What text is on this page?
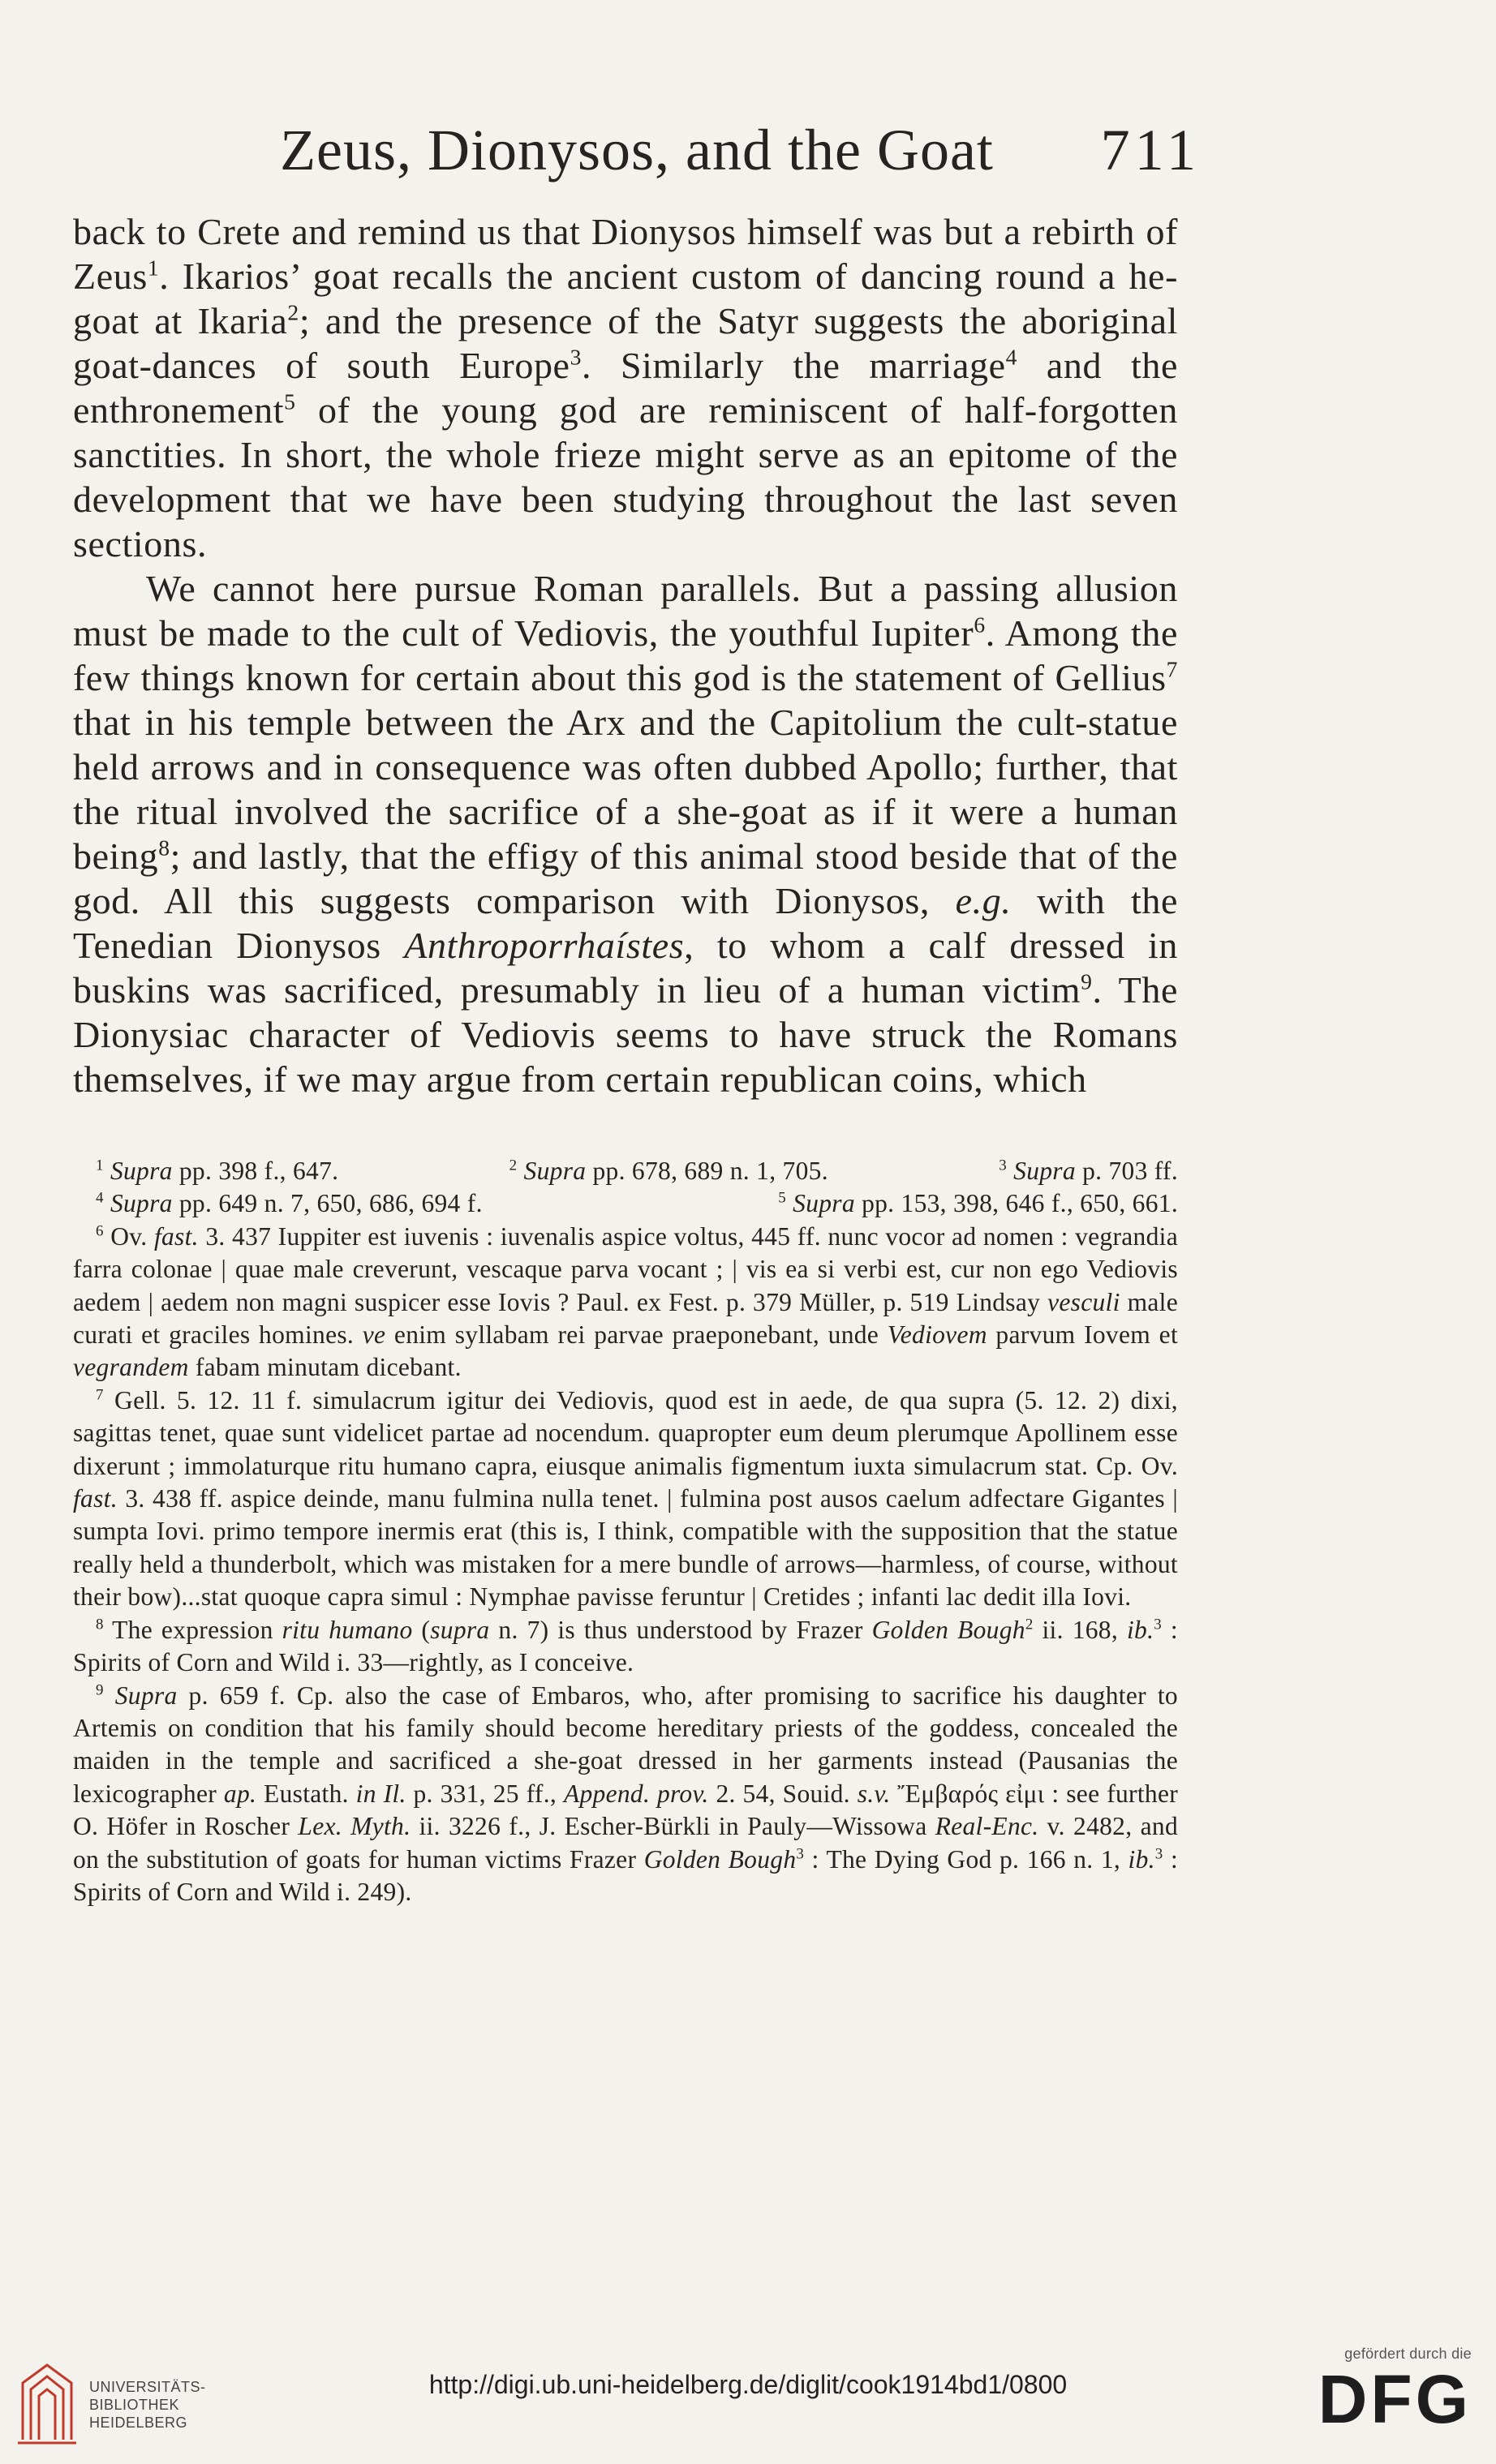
Zeus, Dionysos, and the Goat	711

back to Crete and remind us that Dionysos himself was but a rebirth of Zeus$^1$. Ikarios’ goat recalls the ancient custom of dancing round a he-goat at Ikaria$^2$; and the presence of the Satyr suggests the aboriginal goat-dances of south Europe$^3$. Similarly the marriage$^4$ and the enthronement$^5$ of the young god are reminiscent of half-forgotten sanctities. In short, the whole frieze might serve as an epitome of the development that we have been studying throughout the last seven sections.

We cannot here pursue Roman parallels. But a passing allusion must be made to the cult of Vediovis, the youthful Iupiter$^6$. Among the few things known for certain about this god is the statement of Gellius$^7$ that in his temple between the Arx and the Capitolium the cult-statue held arrows and in consequence was often dubbed Apollo; further, that the ritual involved the sacrifice of a she-goat as if it were a human being$^8$; and lastly, that the effigy of this animal stood beside that of the god. All this suggests comparison with Dionysos, e.g. with the Tenedian Dionysos Anthroporrhaístes, to whom a calf dressed in buskins was sacrificed, presumably in lieu of a human victim$^9$. The Dionysiac character of Vediovis seems to have struck the Romans themselves, if we may argue from certain republican coins, which

$^1$ Supra pp. 398 f., 647.	$^2$ Supra pp. 678, 689 n. 1, 705.	$^3$ Supra p. 703 ff.
$^4$ Supra pp. 649 n. 7, 650, 686, 694 f.	$^5$ Supra pp. 153, 398, 646 f., 650, 661.

$^6$ Ov. fast. 3. 437 Iuppiter est iuvenis : iuvenalis aspice voltus, 445 ff. nunc vocor ad nomen : vegrandia farra colonae | quae male creverunt, vescaque parva vocant ; | vis ea si verbi est, cur non ego Vediovis aedem | aedem non magni suspicer esse Iovis ? Paul. ex Fest. p. 379 Müller, p. 519 Lindsay vesculi male curati et graciles homines. ve enim syllabam rei parvae praeponebant, unde Vediovem parvum Iovem et vegrandem fabam minutam dicebant.

$^7$ Gell. 5. 12. 11 f. simulacrum igitur dei Vediovis, quod est in aede, de qua supra (5. 12. 2) dixi, sagittas tenet, quae sunt videlicet partae ad nocendum. quapropter eum deum plerumque Apollinem esse dixerunt ; immolaturque ritu humano capra, eiusque animalis figmentum iuxta simulacrum stat. Cp. Ov. fast. 3. 438 ff. aspice deinde, manu fulmina nulla tenet. | fulmina post ausos caelum adfectare Gigantes | sumpta Iovi. primo tempore inermis erat (this is, I think, compatible with the supposition that the statue really held a thunderbolt, which was mistaken for a mere bundle of arrows—harmless, of course, without their bow)...stat quoque capra simul : Nymphae pavisse feruntur | Cretides ; infanti lac dedit illa Iovi.

$^8$ The expression ritu humano (supra n. 7) is thus understood by Frazer Golden Bough$^2$ ii. 168, ib.$^3$ : Spirits of Corn and Wild i. 33—rightly, as I conceive.

$^9$ Supra p. 659 f. Cp. also the case of Embaros, who, after promising to sacrifice his daughter to Artemis on condition that his family should become hereditary priests of the goddess, concealed the maiden in the temple and sacrificed a she-goat dressed in her garments instead (Pausanias the lexicographer ap. Eustath. in Il. p. 331, 25 ff., Append. prov. 2. 54, Souid. s.v. Ἔμβαρός εἰμι : see further O. Höfer in Roscher Lex. Myth. ii. 3226 f., J. Escher-Bürkli in Pauly—Wissowa Real-Enc. v. 2482, and on the substitution of goats for human victims Frazer Golden Bough$^3$ : The Dying God p. 166 n. 1, ib.$^3$ : Spirits of Corn and Wild i. 249).

UNIVERSITÄTS-
BIBLIOTHEK
HEIDELBERG
http://digi.ub.uni-heidelberg.de/diglit/cook1914bd1/0800
gefördert durch die
DFG
